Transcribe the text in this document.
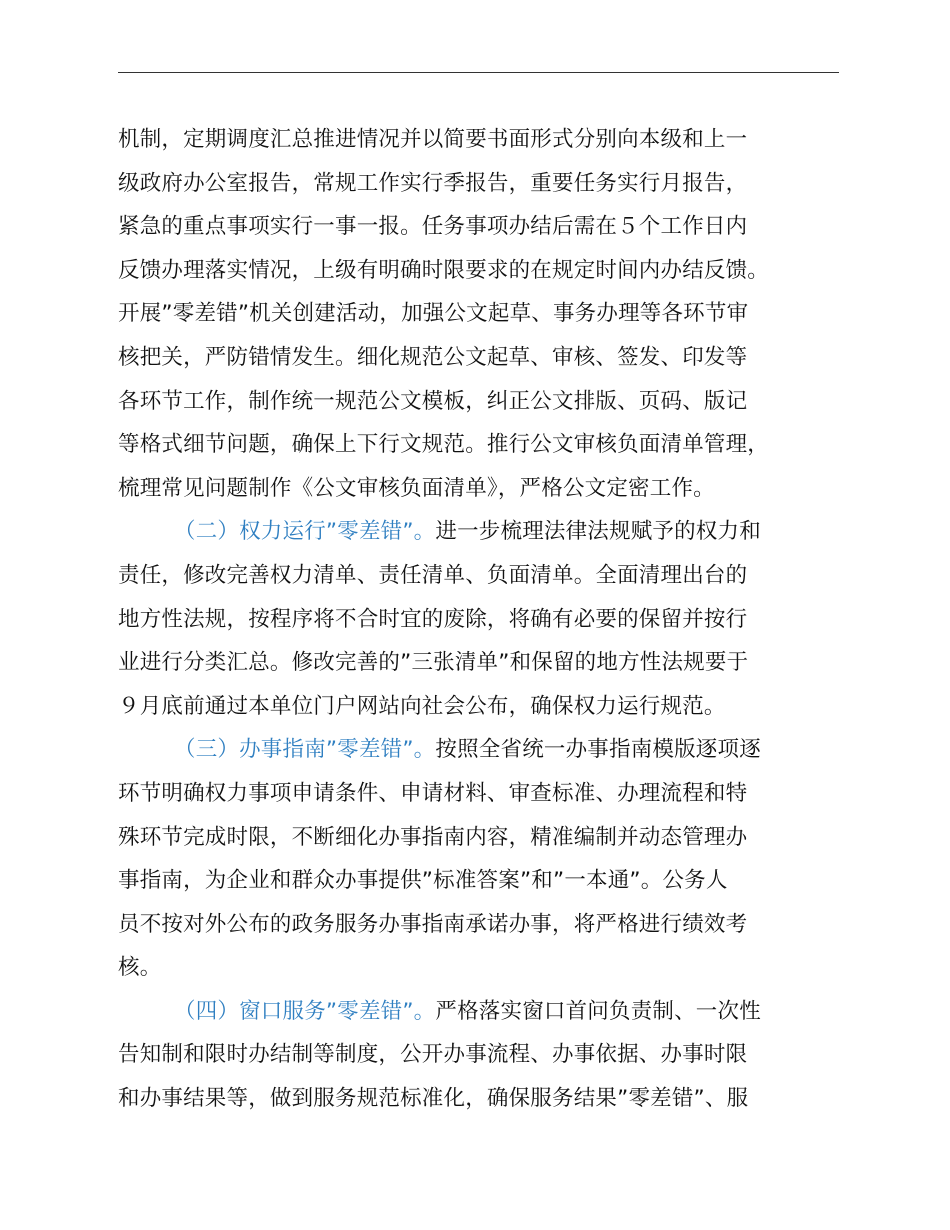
机制，定期调度汇总推进情况并以简要书面形式分别向本级和上一
级政府办公室报告，常规工作实行季报告，重要任务实行月报告，
紧急的重点事项实行一事一报。任务事项办结后需在５个工作日内
反馈办理落实情况，上级有明确时限要求的在规定时间内办结反馈。
开展”零差错”机关创建活动，加强公文起草、事务办理等各环节审
核把关，严防错情发生。细化规范公文起草、审核、签发、印发等
各环节工作，制作统一规范公文模板，纠正公文排版、页码、版记
等格式细节问题，确保上下行文规范。推行公文审核负面清单管理，
梳理常见问题制作《公文审核负面清单》，严格公文定密工作。
（二）权力运行”零差错”。进一步梳理法律法规赋予的权力和
责任，修改完善权力清单、责任清单、负面清单。全面清理出台的
地方性法规，按程序将不合时宜的废除，将确有必要的保留并按行
业进行分类汇总。修改完善的”三张清单”和保留的地方性法规要于
９月底前通过本单位门户网站向社会公布，确保权力运行规范。
（三）办事指南”零差错”。按照全省统一办事指南模版逐项逐
环节明确权力事项申请条件、申请材料、审查标准、办理流程和特
殊环节完成时限，不断细化办事指南内容，精准编制并动态管理办
事指南，为企业和群众办事提供”标准答案”和”一本通”。公务人
员不按对外公布的政务服务办事指南承诺办事，将严格进行绩效考
核。
（四）窗口服务”零差错”。严格落实窗口首问负责制、一次性
告知制和限时办结制等制度，公开办事流程、办事依据、办事时限
和办事结果等，做到服务规范标准化，确保服务结果”零差错”、服
